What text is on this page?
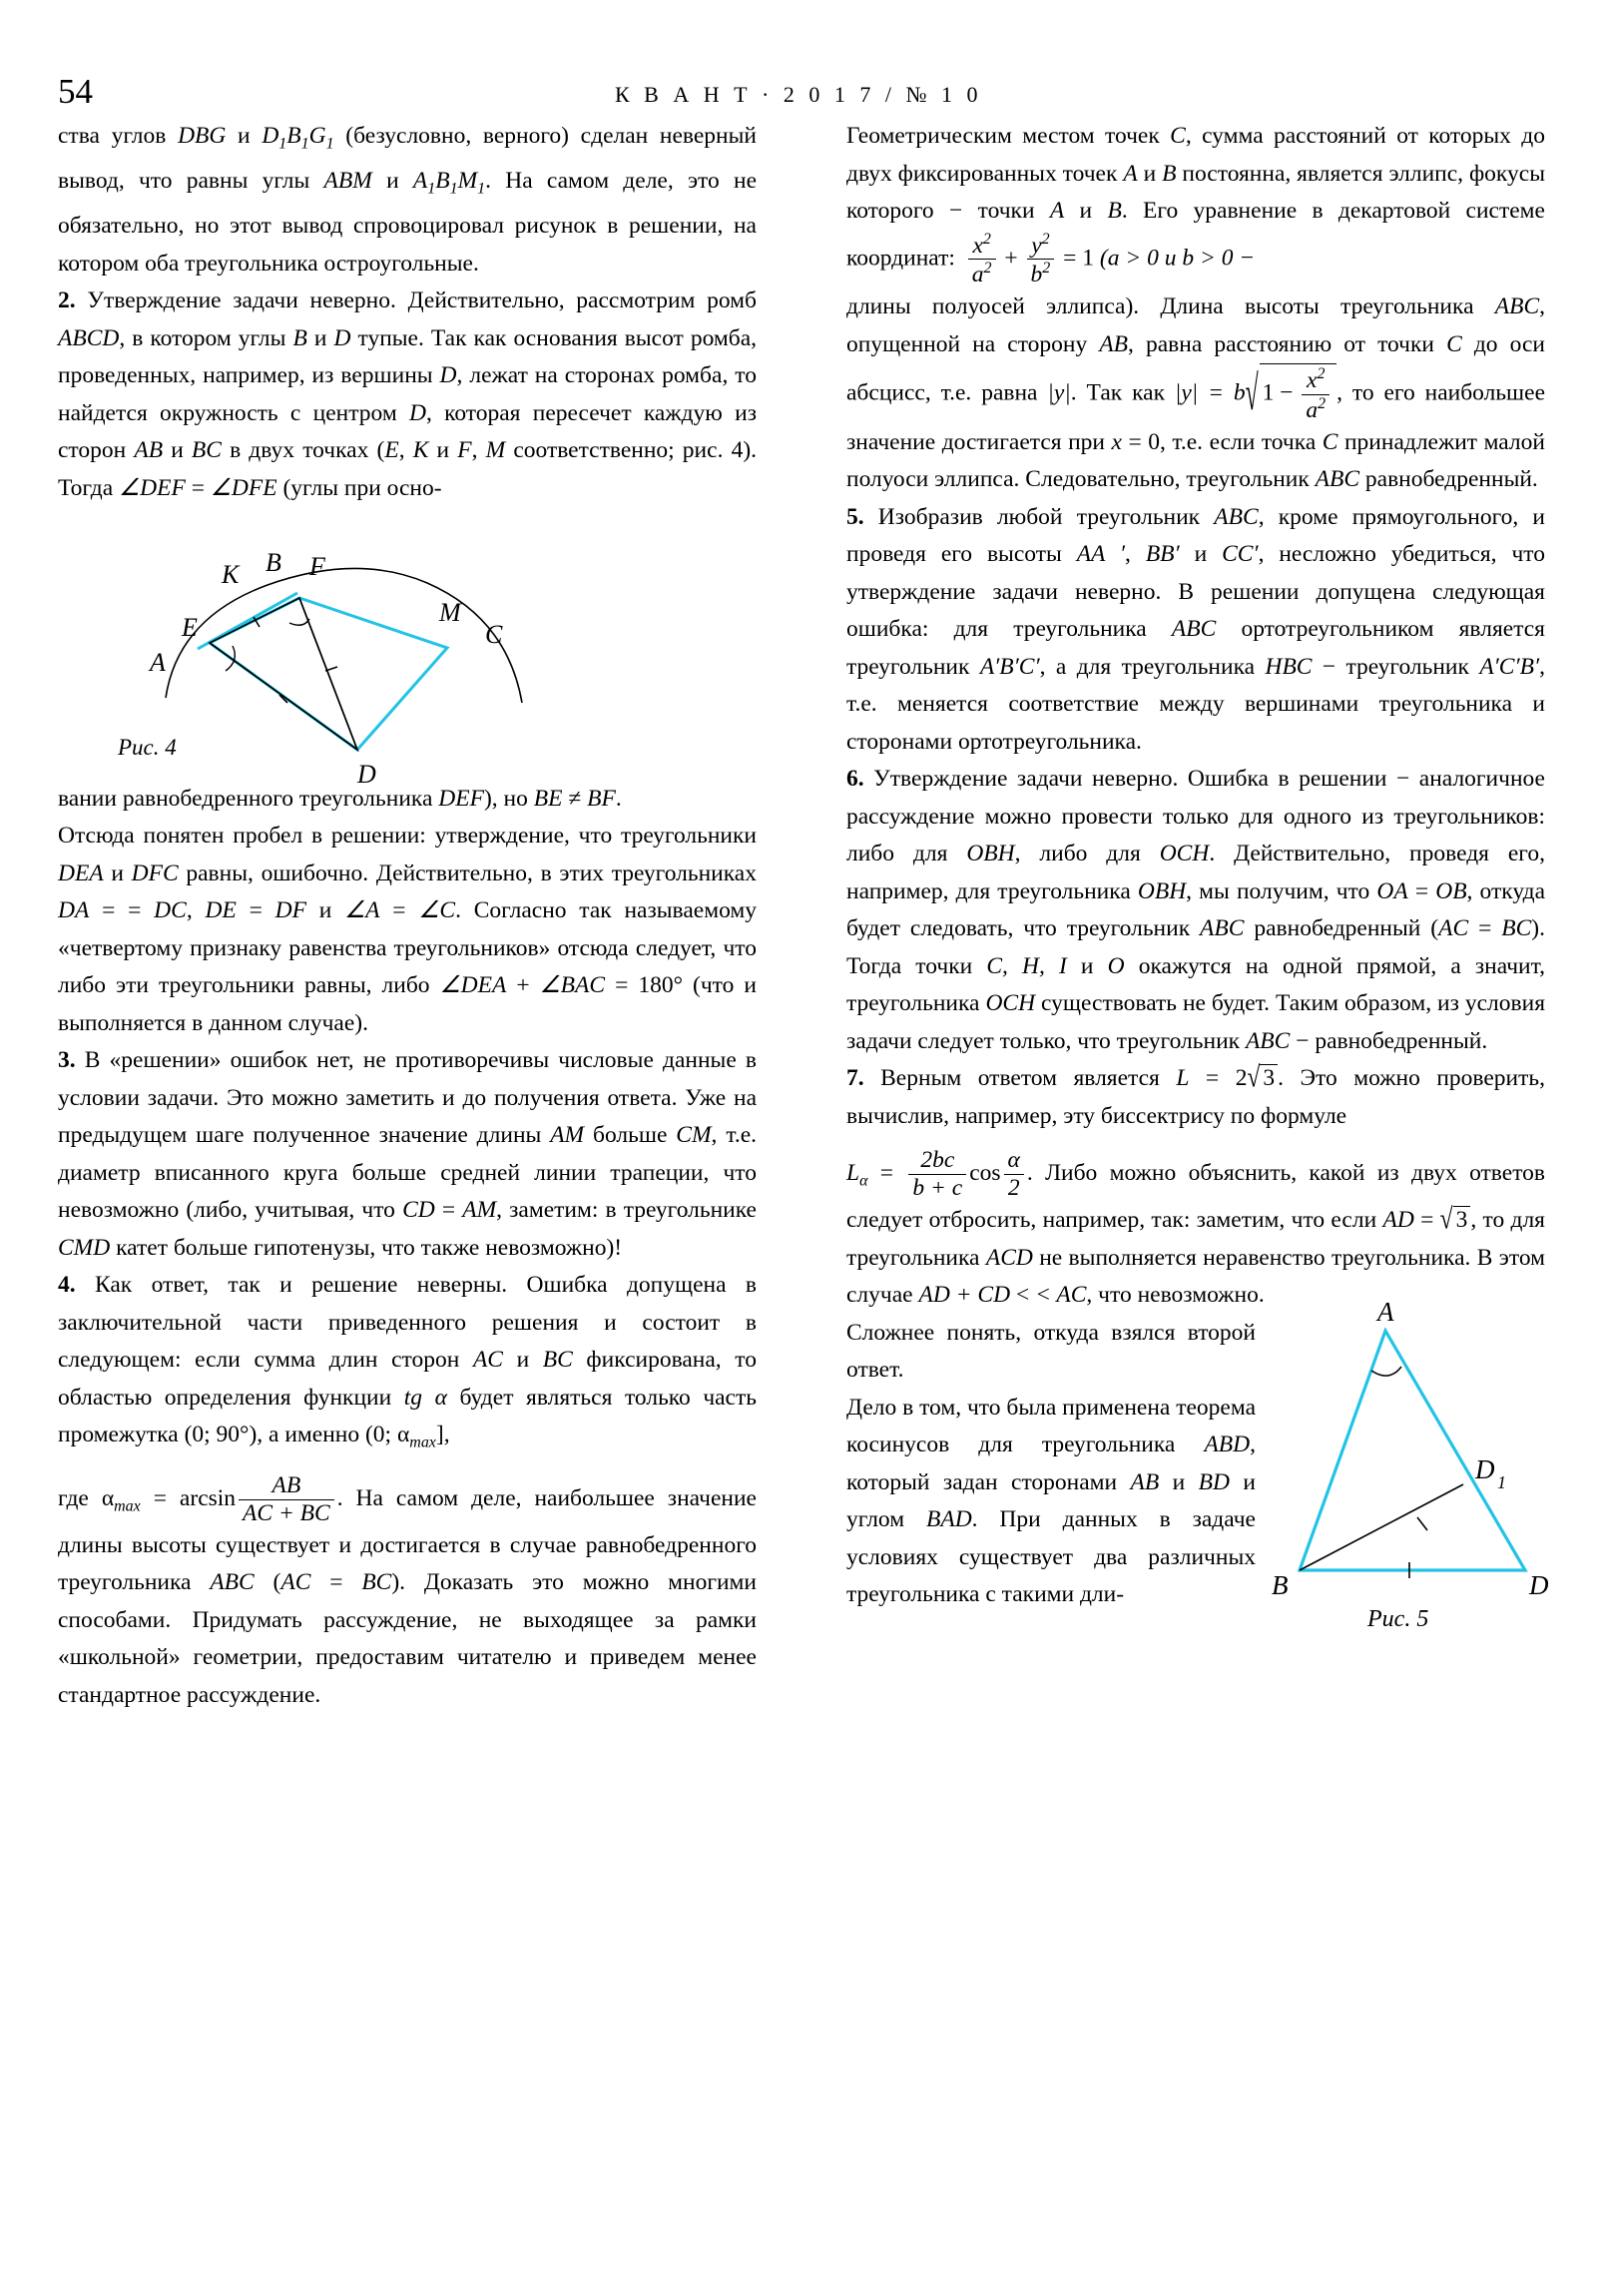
54	К В А Н Т · 2 0 1 7 / № 1 0

ства углов DBG и $D_1B_1G_1$ (безусловно, верного) сделан неверный вывод, что равны углы ABM и $A_1B_1M_1$. На самом деле, это не обязательно, но этот вывод спровоцировал рисунок в решении, на котором оба треугольника остроугольные.

2. Утверждение задачи неверно. Действительно, рассмотрим ромб ABCD, в котором углы B и D тупые. Так как основания высот ромба, проведенных, например, из вершины D, лежат на сторонах ромба, то найдется окружность с центром D, которая пересечет каждую из сторон AB и BC в двух точках (E, K и F, M соответственно; рис. 4). Тогда ∠DEF = ∠DFE (углы при осно-

K B F
E
A
M
C
D
Рис. 4

вании равнобедренного треугольника DEF), но BE ≠ BF.

Отсюда понятен пробел в решении: утверждение, что треугольники DEA и DFC равны, ошибочно. Действительно, в этих треугольниках DA = = DC, DE = DF и ∠A = ∠C. Согласно так называемому «четвертому признаку равенства треугольников» отсюда следует, что либо эти треугольники равны, либо ∠DEA + ∠BAC = 180° (что и выполняется в данном случае).

3. В «решении» ошибок нет, не противоречивы числовые данные в условии задачи. Это можно заметить и до получения ответа. Уже на предыдущем шаге полученное значение длины AM больше CM, т.е. диаметр вписанного круга больше средней линии трапеции, что невозможно (либо, учитывая, что CD = AM, заметим: в треугольнике CMD катет больше гипотенузы, что также невозможно)!

4. Как ответ, так и решение неверны. Ошибка допущена в заключительной части приведенного решения и состоит в следующем: если сумма длин сторон AC и BC фиксирована, то областью определения функции tg α будет являться только часть промежутка (0; 90°), а именно (0; $\alpha_{max}$],

где $\alpha_{max} = \arcsin \frac{AB}{AC + BC}$ . На самом деле, наибольшее значение длины высоты существует и достигается в случае равнобедренного треугольника ABC (AC = BC). Доказать это можно многими способами. Придумать рассуждение, не выходящее за рамки «школьной» геометрии, предоставим читателю и приведем менее стандартное рассуждение.

Геометрическим местом точек C, сумма расстояний от которых до двух фиксированных точек A и B постоянна, является эллипс, фокусы которого − точки A и B. Его уравнение в декартовой системе координат: $\frac{x^2}{a^2} + \frac{y^2}{b^2} = 1$ (a > 0 и b > 0 −

длины полуосей эллипса). Длина высоты треугольника ABC, опущенной на сторону AB, равна расстоянию от точки C до оси абсцисс, т.е. равна |y|. Так как |y| = b√ $1 - \frac{x^2}{a^2}$ , то его наибольшее значение достигается при x = 0, т.е. если точка C принадлежит малой полуоси эллипса. Следовательно, треугольник ABC равнобедренный.

5. Изобразив любой треугольник ABC, кроме прямоугольного, и проведя его высоты AA ′, BB′ и CC′, несложно убедиться, что утверждение задачи неверно. В решении допущена следующая ошибка: для треугольника ABC ортотреугольником является треугольник A′B′C′, а для треугольника HBC − треугольник A′C′B′, т.е. меняется соответствие между вершинами треугольника и сторонами ортотреугольника.

6. Утверждение задачи неверно. Ошибка в решении − аналогичное рассуждение можно провести только для одного из треугольников: либо для OBH, либо для OCH. Действительно, проведя его, например, для треугольника OBH, мы получим, что OA = OB, откуда будет следовать, что треугольник ABC равнобедренный (AC = BC). Тогда точки C, H, I и O окажутся на одной прямой, а значит, треугольника OCH существовать не будет. Таким образом, из условия задачи следует только, что треугольник ABC − равнобедренный.

7. Верным ответом является L = 2√ 3 . Это можно проверить, вычислив, например, эту биссектрису по формуле

$L_\alpha = \frac{2bc}{b + c}$ $\cos \frac{\alpha}{2}$ . Либо можно объяснить, какой из двух ответов следует отбросить, например, так: заметим, что если AD = √ 3 , то для треугольника ACD не выполняется неравенство треугольника. В этом случае AD + CD < < AC, что невозможно.

A
D 1
B	D
Рис. 5

Сложнее понять, откуда взялся второй ответ.

Дело в том, что была применена теорема косинусов для треугольника ABD, который задан сторонами AB и BD и углом BAD. При данных в задаче условиях существует два различных треугольника с такими дли-
